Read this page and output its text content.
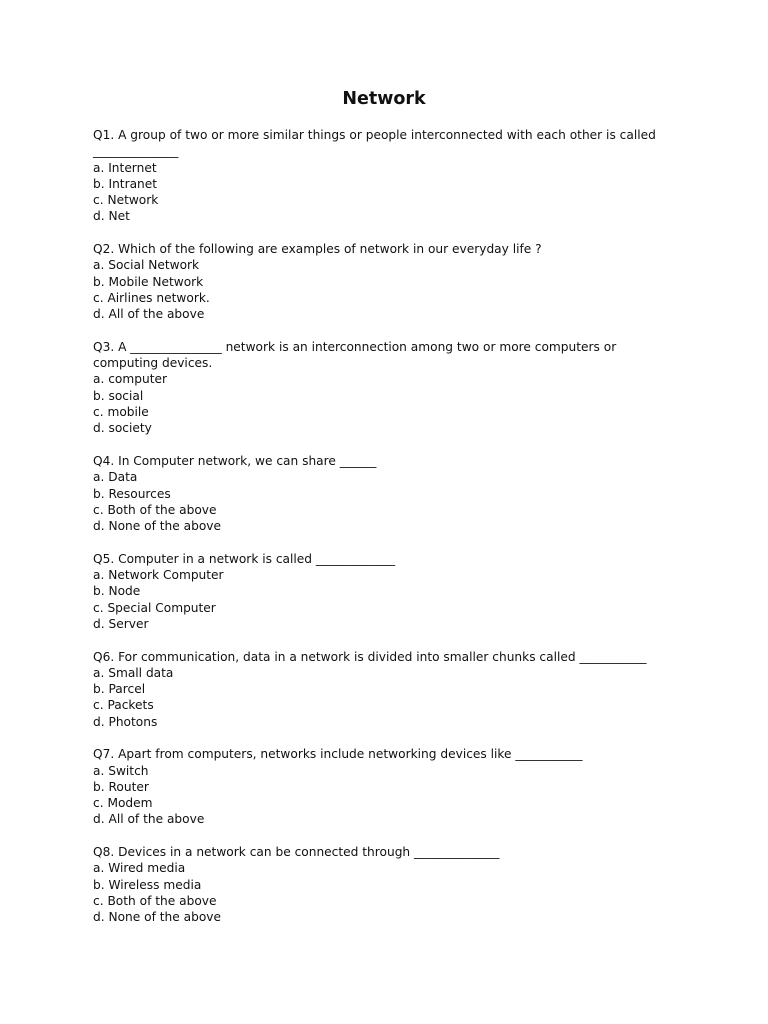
Network

Q1. A group of two or more similar things or people interconnected with each other is called ______________

a. Internet

b. Intranet

c. Network

d. Net

Q2. Which of the following are examples of network in our everyday life ?

a. Social Network

b. Mobile Network

c. Airlines network.

d. All of the above

Q3. A _______________ network is an interconnection among two or more computers or computing devices.

a. computer

b. social

c. mobile

d. society

Q4. In Computer network, we can share ______

a. Data

b. Resources

c. Both of the above

d. None of the above

Q5. Computer in a network is called _____________

a. Network Computer

b. Node

c. Special Computer

d. Server

Q6. For communication, data in a network is divided into smaller chunks called ___________

a. Small data

b. Parcel

c. Packets

d. Photons

Q7. Apart from computers, networks include networking devices like ___________

a. Switch

b. Router

c. Modem

d. All of the above

Q8. Devices in a network can be connected through ______________

a. Wired media

b. Wireless media

c. Both of the above

d. None of the above
